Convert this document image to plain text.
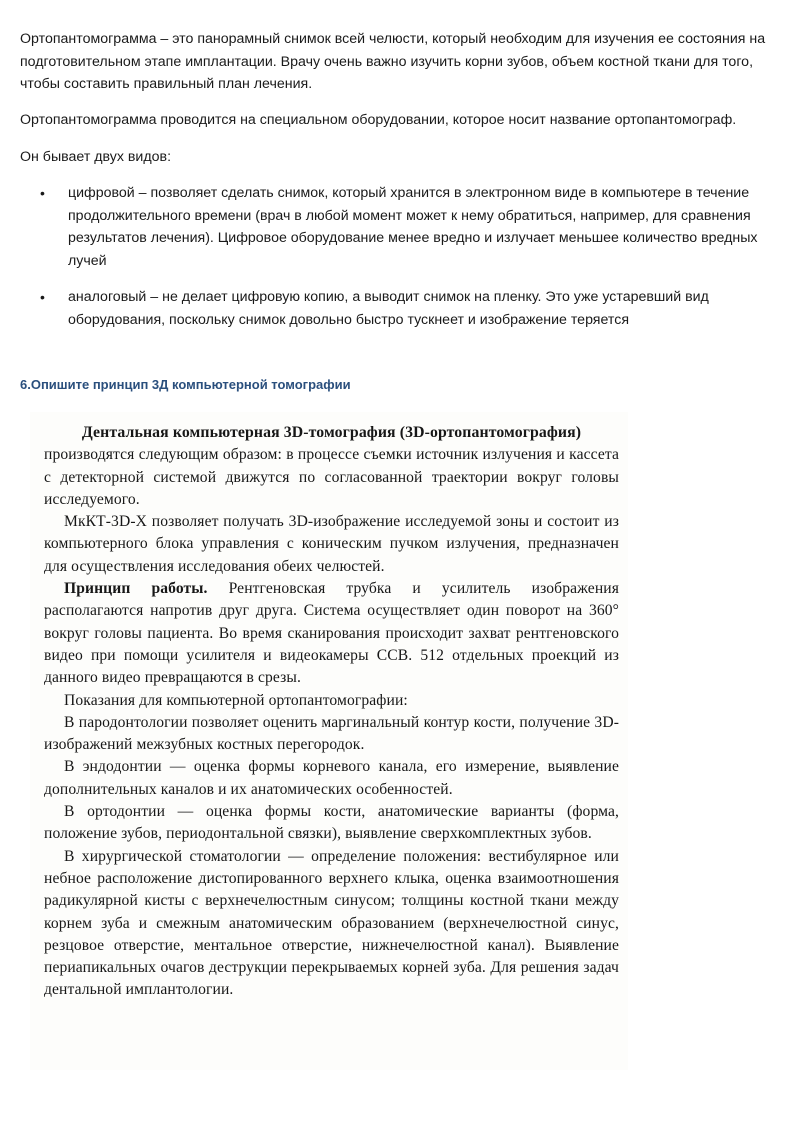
Ортопантомограмма – это панорамный снимок всей челюсти, который необходим для изучения ее состояния на подготовительном этапе имплантации. Врачу очень важно изучить корни зубов, объем костной ткани для того, чтобы составить правильный план лечения.

Ортопантомограмма проводится на специальном оборудовании, которое носит название ортопантомограф.

Он бывает двух видов:

• цифровой – позволяет сделать снимок, который хранится в электронном виде в компьютере в течение продолжительного времени (врач в любой момент может к нему обратиться, например, для сравнения результатов лечения). Цифровое оборудование менее вредно и излучает меньшее количество вредных лучей
• аналоговый – не делает цифровую копию, а выводит снимок на пленку. Это уже устаревший вид оборудования, поскольку снимок довольно быстро тускнеет и изображение теряется
6.Опишите принцип 3Д компьютерной томографии

Дентальная компьютерная 3D-томография (3D-ортопантомография)

производятся следующим образом: в процессе съемки источник излучения и кассета с детекторной системой движутся по согласованной траектории вокруг головы исследуемого.

МкКТ-3D-Х позволяет получать 3D-изображение исследуемой зоны и состоит из компьютерного блока управления с коническим пучком излучения, предназначен для осуществления исследования обеих челюстей.

Принцип работы. Рентгеновская трубка и усилитель изображения располагаются напротив друг друга. Система осуществляет один поворот на 360° вокруг головы пациента. Во время сканирования происходит захват рентгеновского видео при помощи усилителя и видеокамеры ССВ. 512 отдельных проекций из данного видео превращаются в срезы.

Показания для компьютерной ортопантомографии:

В пародонтологии позволяет оценить маргинальный контур кости, получение 3D-изображений межзубных костных перегородок.

В эндодонтии — оценка формы корневого канала, его измерение, выявление дополнительных каналов и их анатомических особенностей.

В ортодонтии — оценка формы кости, анатомические варианты (форма, положение зубов, периодонтальной связки), выявление сверхкомплектных зубов.

В хирургической стоматологии — определение положения: вестибулярное или небное расположение дистопированного верхнего клыка, оценка взаимоотношения радикулярной кисты с верхнечелюстным синусом; толщины костной ткани между корнем зуба и смежным анатомическим образованием (верхнечелюстной синус, резцовое отверстие, ментальное отверстие, нижнечелюстной канал). Выявление периапикальных очагов деструкции перекрываемых корней зуба. Для решения задач дентальной имплантологии.
